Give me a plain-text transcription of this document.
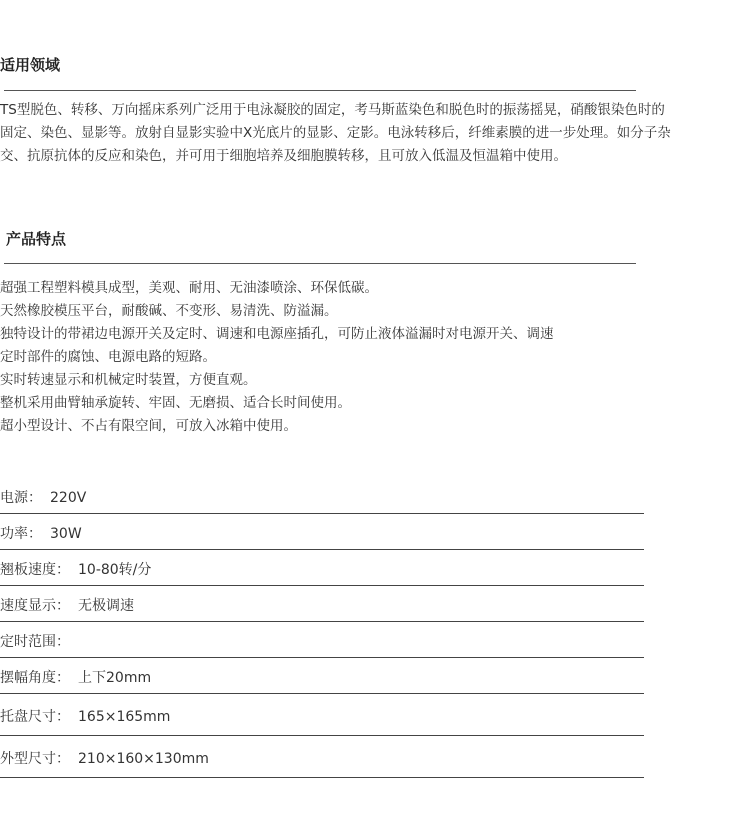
适用领域
TS型脱色、转移、万向摇床系列广泛用于电泳凝胶的固定，考马斯蓝染色和脱色时的振荡摇晃，硝酸银染色时的
固定、染色、显影等。放射自显影实验中X光底片的显影、定影。电泳转移后，纤维素膜的进一步处理。如分子杂
交、抗原抗体的反应和染色，并可用于细胞培养及细胞膜转移，且可放入低温及恒温箱中使用。
产品特点
超强工程塑料模具成型，美观、耐用、无油漆喷涂、环保低碳。
天然橡胶模压平台，耐酸碱、不变形、易清洗、防溢漏。
独特设计的带裙边电源开关及定时、调速和电源座插孔，可防止液体溢漏时对电源开关、调速
定时部件的腐蚀、电源电路的短路。
实时转速显示和机械定时装置，方便直观。
整机采用曲臂轴承旋转、牢固、无磨损、适合长时间使用。
超小型设计、不占有限空间，可放入冰箱中使用。
电源： 220V
功率： 30W
翘板速度： 10-80转/分
速度显示： 无极调速
定时范围：
摆幅角度： 上下20mm
托盘尺寸： 165×165mm
外型尺寸： 210×160×130mm
